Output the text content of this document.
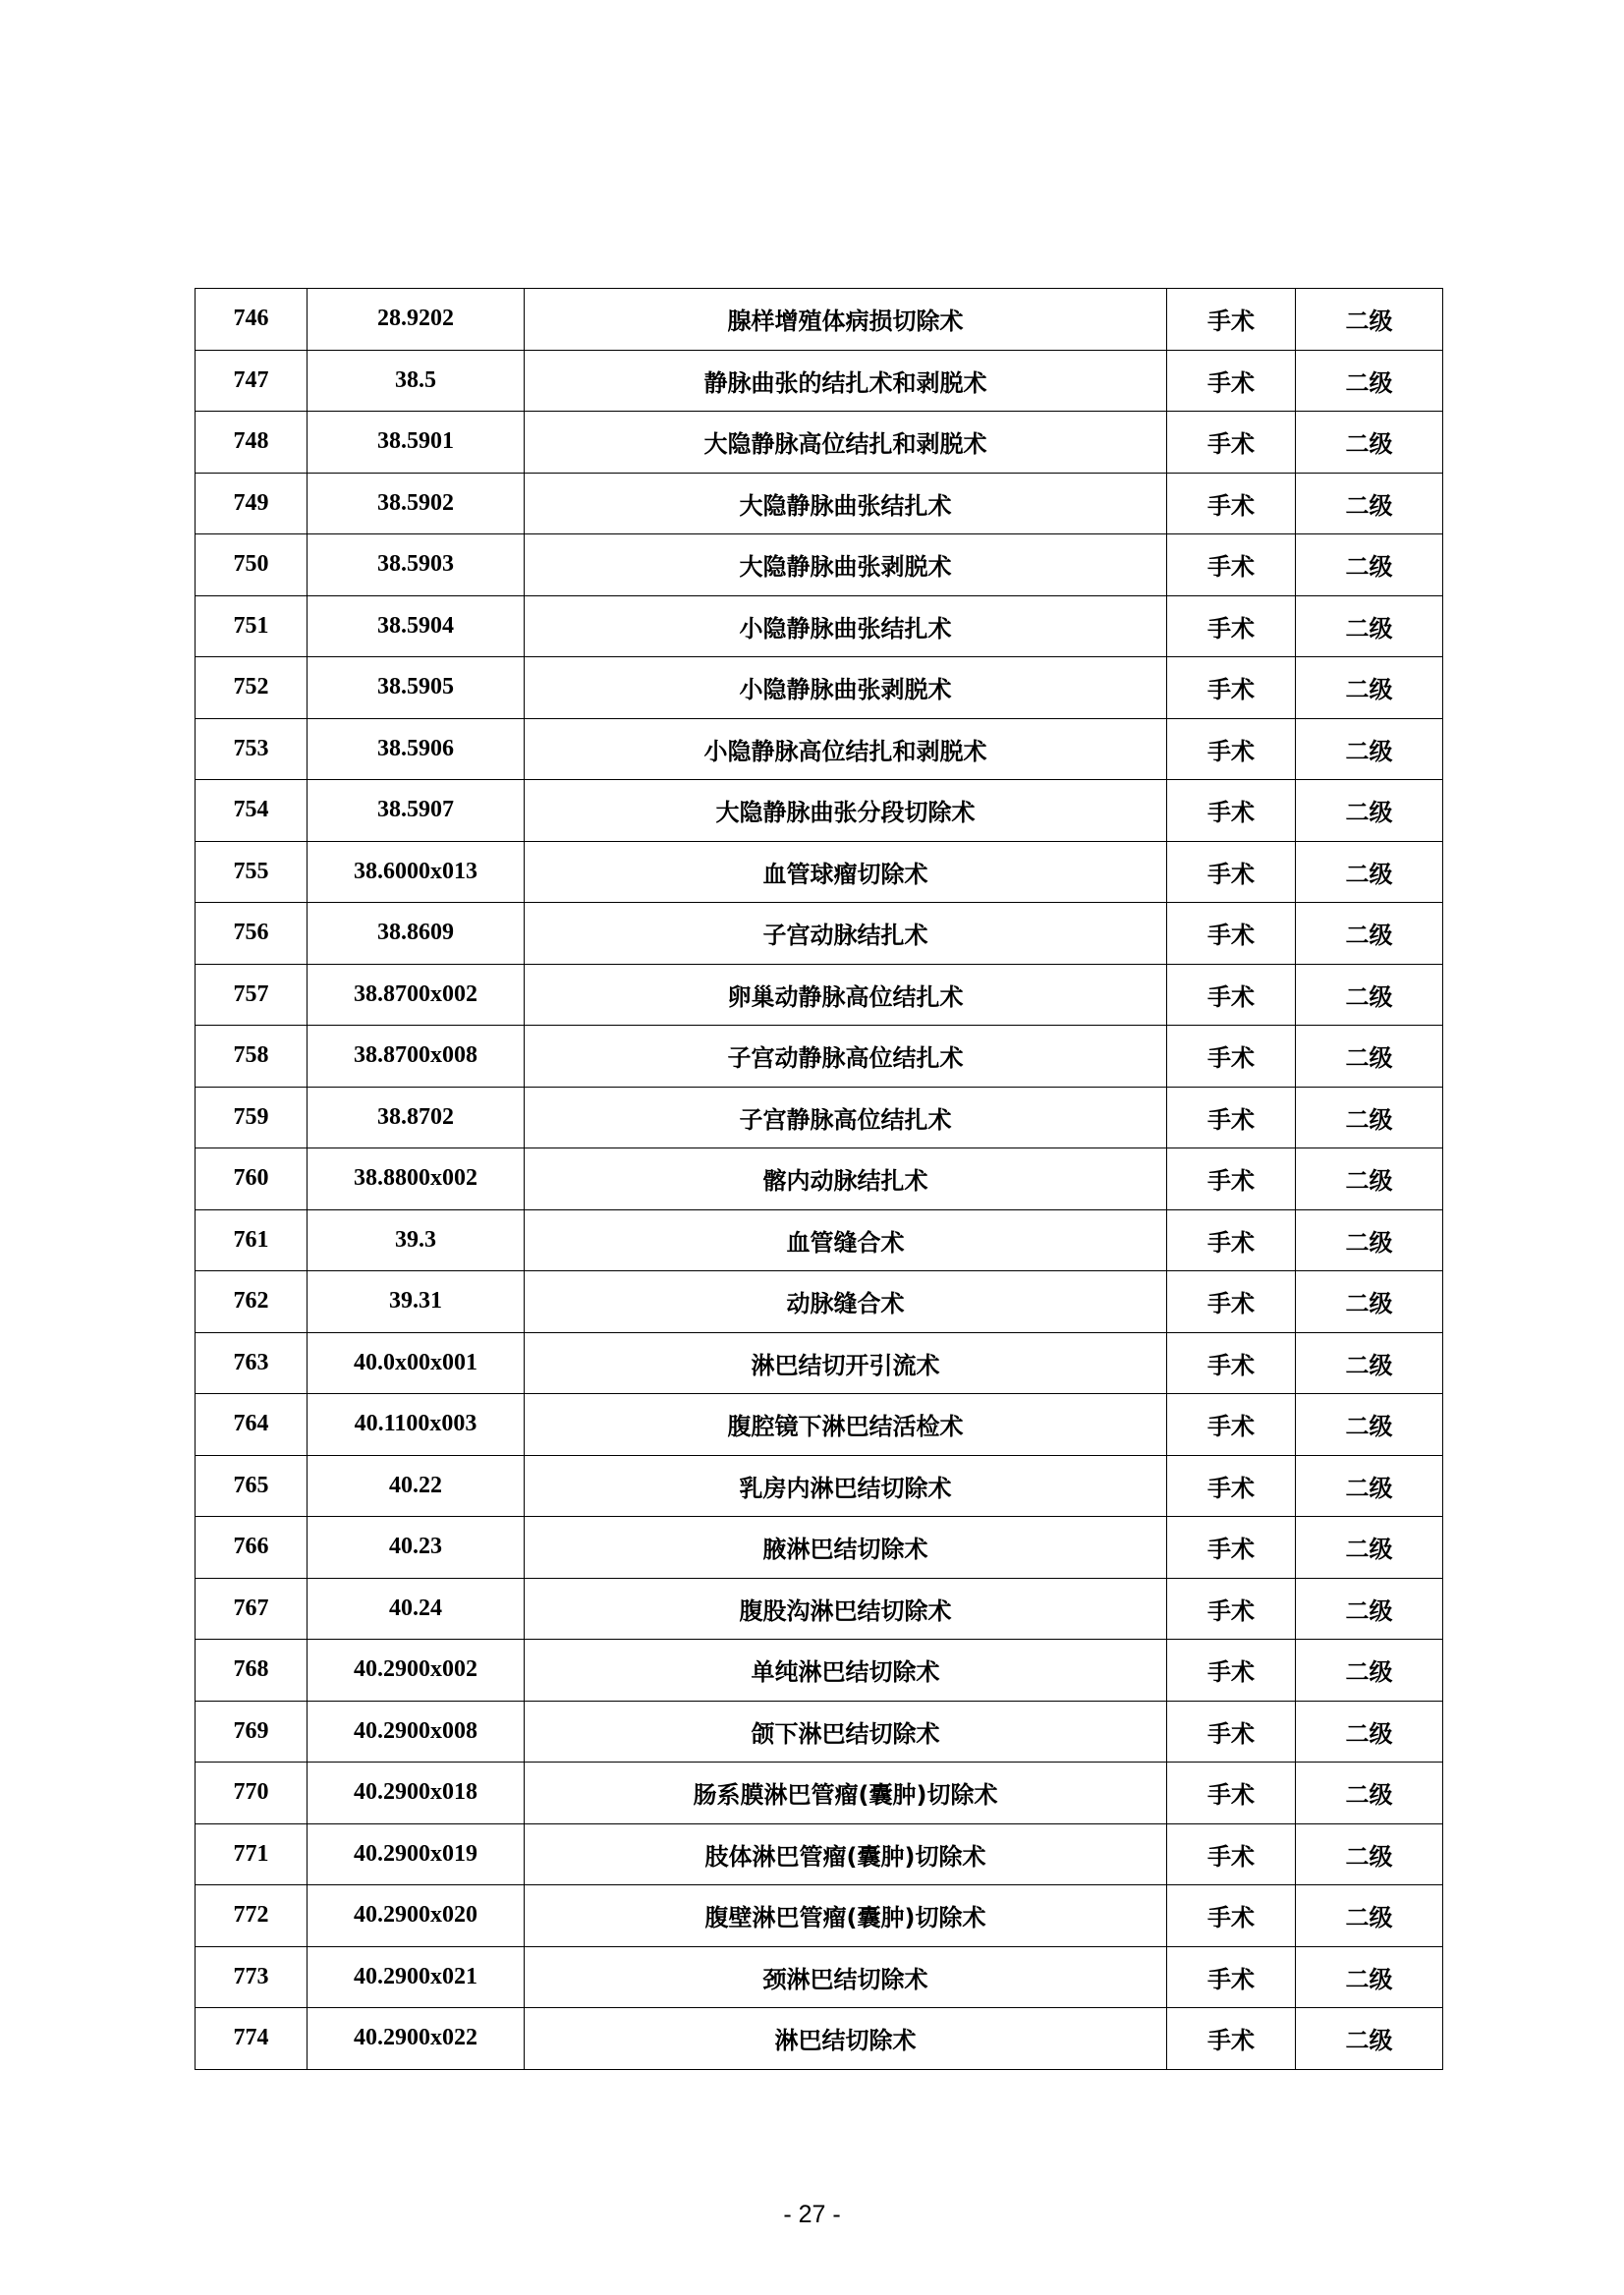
746	28.9202	腺样增殖体病损切除术	手术	二级
747	38.5	静脉曲张的结扎术和剥脱术	手术	二级
748	38.5901	大隐静脉高位结扎和剥脱术	手术	二级
749	38.5902	大隐静脉曲张结扎术	手术	二级
750	38.5903	大隐静脉曲张剥脱术	手术	二级
751	38.5904	小隐静脉曲张结扎术	手术	二级
752	38.5905	小隐静脉曲张剥脱术	手术	二级
753	38.5906	小隐静脉高位结扎和剥脱术	手术	二级
754	38.5907	大隐静脉曲张分段切除术	手术	二级
755	38.6000x013	血管球瘤切除术	手术	二级
756	38.8609	子宫动脉结扎术	手术	二级
757	38.8700x002	卵巢动静脉高位结扎术	手术	二级
758	38.8700x008	子宫动静脉高位结扎术	手术	二级
759	38.8702	子宫静脉高位结扎术	手术	二级
760	38.8800x002	髂内动脉结扎术	手术	二级
761	39.3	血管缝合术	手术	二级
762	39.31	动脉缝合术	手术	二级
763	40.0x00x001	淋巴结切开引流术	手术	二级
764	40.1100x003	腹腔镜下淋巴结活检术	手术	二级
765	40.22	乳房内淋巴结切除术	手术	二级
766	40.23	腋淋巴结切除术	手术	二级
767	40.24	腹股沟淋巴结切除术	手术	二级
768	40.2900x002	单纯淋巴结切除术	手术	二级
769	40.2900x008	颌下淋巴结切除术	手术	二级
770	40.2900x018	肠系膜淋巴管瘤(囊肿)切除术	手术	二级
771	40.2900x019	肢体淋巴管瘤(囊肿)切除术	手术	二级
772	40.2900x020	腹壁淋巴管瘤(囊肿)切除术	手术	二级
773	40.2900x021	颈淋巴结切除术	手术	二级
774	40.2900x022	淋巴结切除术	手术	二级
- 27 -
